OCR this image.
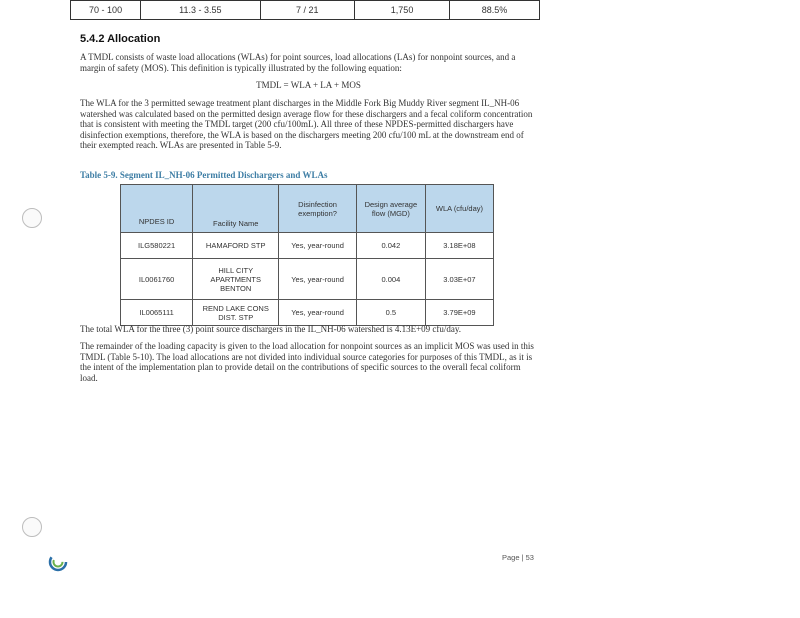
70 - 100	11.3 - 3.55	7 / 21	1,750	88.5%
5.4.2 Allocation
A TMDL consists of waste load allocations (WLAs) for point sources, load allocations (LAs) for nonpoint sources, and a margin of safety (MOS). This definition is typically illustrated by the following equation:
TMDL = WLA + LA + MOS
The WLA for the 3 permitted sewage treatment plant discharges in the Middle Fork Big Muddy River segment IL_NH-06 watershed was calculated based on the permitted design average flow for these dischargers and a fecal coliform concentration that is consistent with meeting the TMDL target (200 cfu/100mL). All three of these NPDES-permitted dischargers have disinfection exemptions, therefore, the WLA is based on the dischargers meeting 200 cfu/100 mL at the downstream end of their exempted reach. WLAs are presented in Table 5-9.
Table 5-9. Segment IL_NH-06 Permitted Dischargers and WLAs
NPDES ID	Facility Name	Disinfection exemption?	Design average flow (MGD)	WLA (cfu/day)
ILG580221	HAMAFORD STP	Yes, year-round	0.042	3.18E+08
IL0061760	HILL CITY APARTMENTS BENTON	Yes, year-round	0.004	3.03E+07
IL0065111	REND LAKE CONS DIST. STP	Yes, year-round	0.5	3.79E+09
The total WLA for the three (3) point source dischargers in the IL_NH-06 watershed is 4.13E+09 cfu/day.
The remainder of the loading capacity is given to the load allocation for nonpoint sources as an implicit MOS was used in this TMDL (Table 5-10). The load allocations are not divided into individual source categories for purposes of this TMDL, as it is the intent of the implementation plan to provide detail on the contributions of specific sources to the overall fecal coliform load.
Page | 53
